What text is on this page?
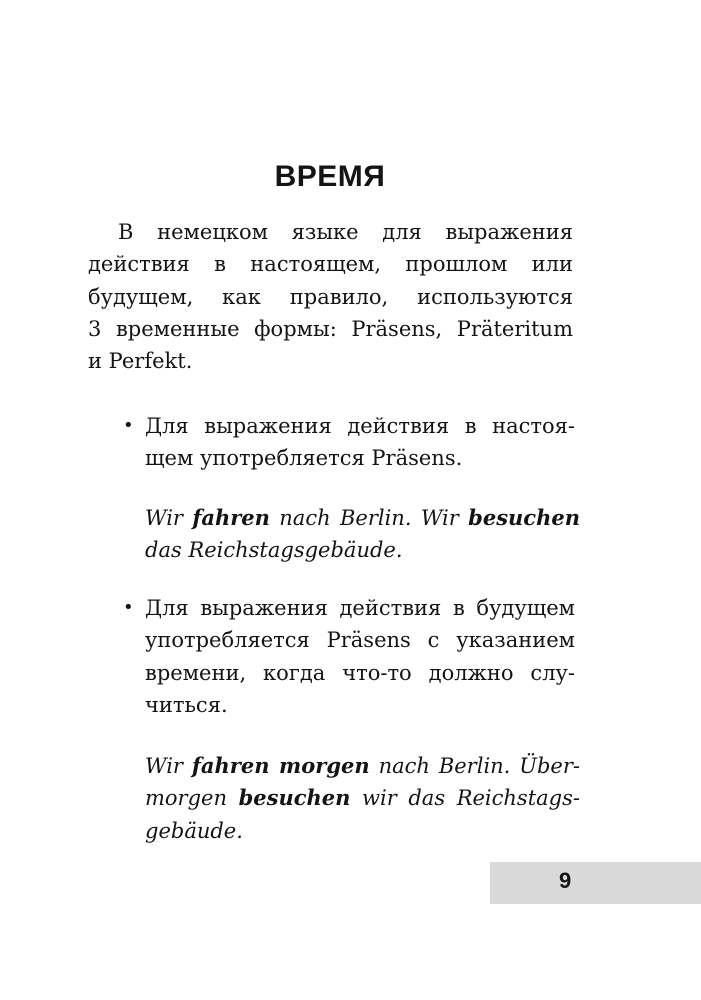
ВРЕМЯ
В немецком языке для выражения
действия в настоящем, прошлом или
будущем, как правило, используются
3 временные формы: Präsens, Präteritum
и Perfekt.
• Для выражения действия в настоя-
щем употребляется Präsens.
Wir fahren nach Berlin. Wir besuchen
das Reichstagsgebäude.
• Для выражения действия в будущем
употребляется Präsens с указанием
времени, когда что-то должно слу-
читься.
Wir fahren morgen nach Berlin. Über-
morgen besuchen wir das Reichstags-
gebäude.
9
